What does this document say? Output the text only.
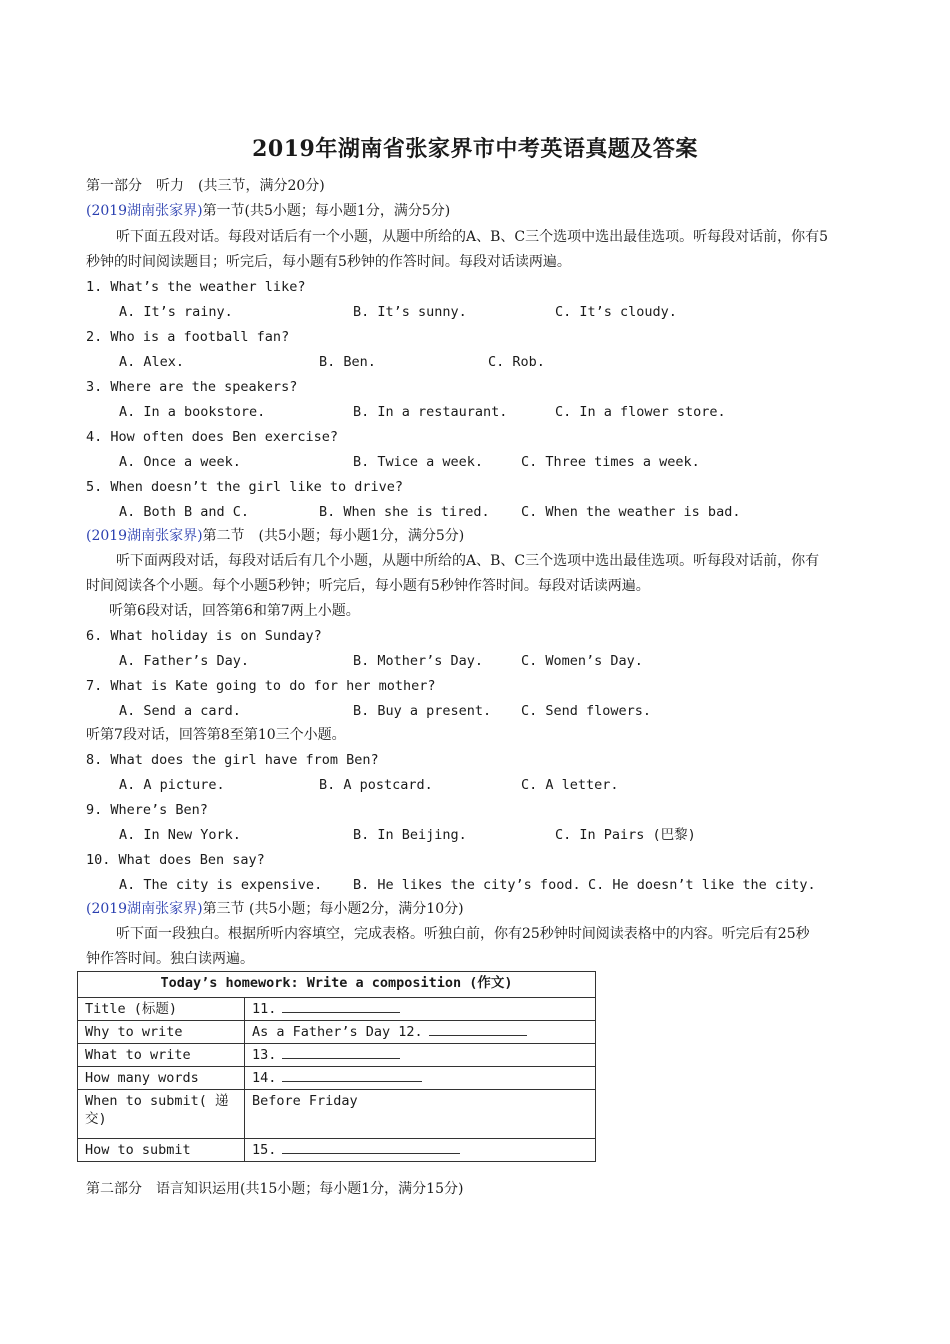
2019年湖南省张家界市中考英语真题及答案
第一部分　听力　(共三节，满分20分)
(2019湖南张家界)第一节(共5小题；每小题1分，满分5分)
听下面五段对话。每段对话后有一个小题，从题中所给的A、B、C三个选项中选出最佳选项。听每段对话前，你有5
秒钟的时间阅读题目；听完后，每小题有5秒钟的作答时间。每段对话读两遍。
1. What’s the weather like?
A. It’s rainy.	B. It’s sunny.	C. It’s cloudy.
2. Who is a football fan?
A. Alex.	B. Ben.	C. Rob.
3. Where are the speakers?
A. In a bookstore.	B. In a restaurant.	C. In a flower store.
4. How often does Ben exercise?
A. Once a week.	B. Twice a week.	C. Three times a week.
5. When doesn’t the girl like to drive?
A. Both B and C.	B. When she is tired. C. When the weather is bad.
(2019湖南张家界)第二节　(共5小题；每小题1分，满分5分)
听下面两段对话，每段对话后有几个小题，从题中所给的A、B、C三个选项中选出最佳选项。听每段对话前，你有
时间阅读各个小题。每个小题5秒钟；听完后，每小题有5秒钟作答时间。每段对话读两遍。
听第6段对话，回答第6和第7两上小题。
6. What holiday is on Sunday?
A. Father’s Day.	B. Mother’s Day.	C. Women’s Day.
7. What is Kate going to do for her mother?
A. Send a card.	B. Buy a present. C. Send flowers.
听第7段对话，回答第8至第10三个小题。
8. What does the girl have from Ben?
A. A picture.	B. A postcard.	C. A letter.
9. Where’s Ben?
A. In New York.	B. In Beijing.	C. In Pairs (巴黎)
10. What does Ben say?
A. The city is expensive. B. He likes the city’s food. C. He doesn’t like the city.
(2019湖南张家界)第三节 (共5小题；每小题2分，满分10分)
听下面一段独白。根据所听内容填空，完成表格。听独白前，你有25秒钟时间阅读表格中的内容。听完后有25秒
钟作答时间。独白读两遍。
Today’s homework: Write a composition (作文)	
Title (标题)	11.
Why to write	As a Father’s Day 12.
What to write	13.
How many words	14.
When to submit( 递交)	Before Friday
How to submit	15.
第二部分　语言知识运用(共15小题；每小题1分，满分15分)
